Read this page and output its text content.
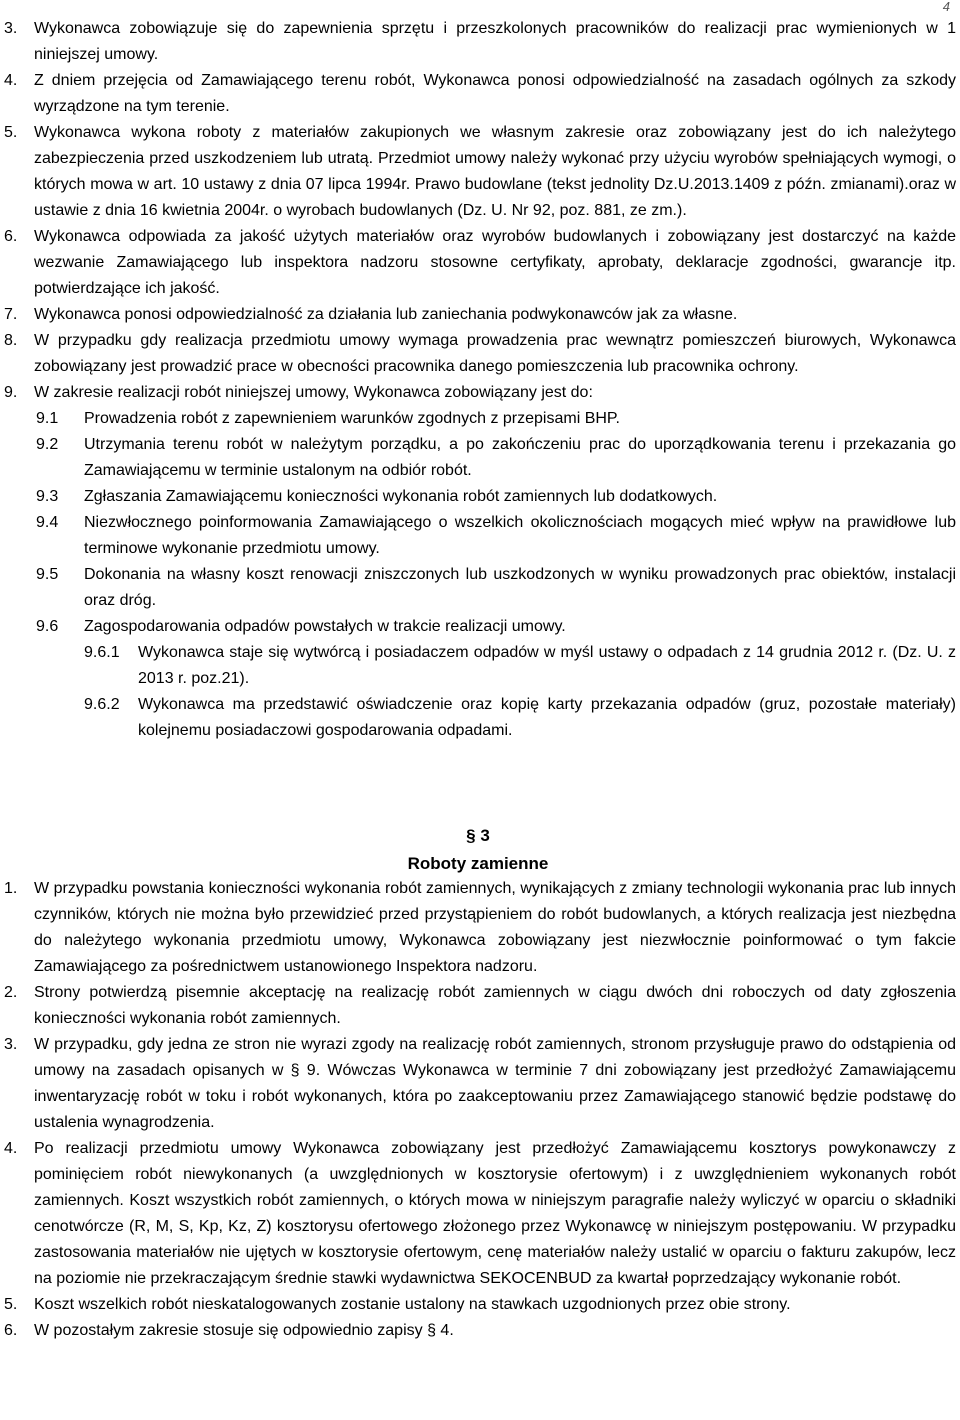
4
3.	Wykonawca zobowiązuje się do zapewnienia sprzętu i przeszkolonych pracowników do realizacji prac wymienionych w 1 niniejszej umowy.
4.	Z dniem przejęcia od Zamawiającego terenu robót, Wykonawca ponosi odpowiedzialność na zasadach ogólnych za szkody wyrządzone na tym terenie.
5.	Wykonawca wykona roboty z materiałów zakupionych we własnym zakresie oraz zobowiązany jest do ich należytego zabezpieczenia przed uszkodzeniem lub utratą. Przedmiot umowy należy wykonać przy użyciu wyrobów spełniających wymogi, o których mowa w art. 10 ustawy z dnia 07 lipca 1994r. Prawo budowlane (tekst jednolity Dz.U.2013.1409 z późn. zmianami).oraz w ustawie z dnia 16 kwietnia 2004r. o wyrobach budowlanych (Dz. U. Nr 92, poz. 881, ze zm.).
6.	Wykonawca odpowiada za jakość użytych materiałów oraz wyrobów budowlanych i zobowiązany jest dostarczyć na każde wezwanie Zamawiającego lub inspektora nadzoru stosowne certyfikaty, aprobaty, deklaracje zgodności, gwarancje itp. potwierdzające ich jakość.
7.	Wykonawca ponosi odpowiedzialność za działania lub zaniechania podwykonawców jak za własne.
8.	W przypadku gdy realizacja przedmiotu umowy wymaga prowadzenia prac wewnątrz pomieszczeń biurowych, Wykonawca zobowiązany jest prowadzić prace w obecności pracownika danego pomieszczenia lub pracownika ochrony.
9.	W zakresie realizacji robót niniejszej umowy, Wykonawca zobowiązany jest do:
9.1	Prowadzenia robót z zapewnieniem warunków zgodnych z przepisami BHP.
9.2	Utrzymania terenu robót w należytym porządku, a po zakończeniu prac do uporządkowania terenu i przekazania go Zamawiającemu w terminie ustalonym na odbiór robót.
9.3	Zgłaszania Zamawiającemu konieczności wykonania robót zamiennych lub dodatkowych.
9.4	Niezwłocznego poinformowania Zamawiającego o wszelkich okolicznościach mogących mieć wpływ na prawidłowe lub terminowe wykonanie przedmiotu umowy.
9.5	Dokonania na własny koszt renowacji zniszczonych lub uszkodzonych w wyniku prowadzonych prac obiektów, instalacji oraz dróg.
9.6	Zagospodarowania odpadów powstałych w trakcie realizacji umowy.
9.6.1	Wykonawca staje się wytwórcą i posiadaczem odpadów w myśl ustawy o odpadach z 14 grudnia 2012 r. (Dz. U. z 2013 r. poz.21).
9.6.2	Wykonawca ma przedstawić oświadczenie oraz kopię karty przekazania odpadów (gruz, pozostałe materiały) kolejnemu posiadaczowi gospodarowania odpadami.
§ 3
Roboty zamienne
1.	W przypadku powstania konieczności wykonania robót zamiennych, wynikających z zmiany technologii wykonania prac lub innych czynników, których nie można było przewidzieć przed przystąpieniem do robót budowlanych, a których realizacja jest niezbędna do należytego wykonania przedmiotu umowy, Wykonawca zobowiązany jest niezwłocznie poinformować o tym fakcie Zamawiającego za pośrednictwem ustanowionego Inspektora nadzoru.
2.	Strony potwierdzą pisemnie akceptację na realizację robót zamiennych w ciągu dwóch dni roboczych od daty zgłoszenia konieczności wykonania robót zamiennych.
3.	W przypadku, gdy jedna ze stron nie wyrazi zgody na realizację robót zamiennych, stronom przysługuje prawo do odstąpienia od umowy na zasadach opisanych w § 9. Wówczas Wykonawca w terminie 7 dni zobowiązany jest przedłożyć Zamawiającemu inwentaryzację robót w toku i robót wykonanych, która po zaakceptowaniu przez Zamawiającego stanowić będzie podstawę do ustalenia wynagrodzenia.
4.	Po realizacji przedmiotu umowy Wykonawca zobowiązany jest przedłożyć Zamawiającemu kosztorys powykonawczy z pominięciem robót niewykonanych (a uwzględnionych w kosztorysie ofertowym) i z uwzględnieniem wykonanych robót zamiennych. Koszt wszystkich robót zamiennych, o których mowa w niniejszym paragrafie należy wyliczyć w oparciu o składniki cenotwórcze (R, M, S, Kp, Kz, Z) kosztorysu ofertowego złożonego przez Wykonawcę w niniejszym postępowaniu. W przypadku zastosowania materiałów nie ujętych w kosztorysie ofertowym, cenę materiałów należy ustalić w oparciu o fakturu zakupów, lecz na poziomie nie przekraczającym średnie stawki wydawnictwa SEKOCENBUD za kwartał poprzedzający wykonanie robót.
5.	Koszt wszelkich robót nieskatalogowanych zostanie ustalony na stawkach uzgodnionych przez obie strony.
6.	W pozostałym zakresie stosuje się odpowiednio zapisy § 4.
